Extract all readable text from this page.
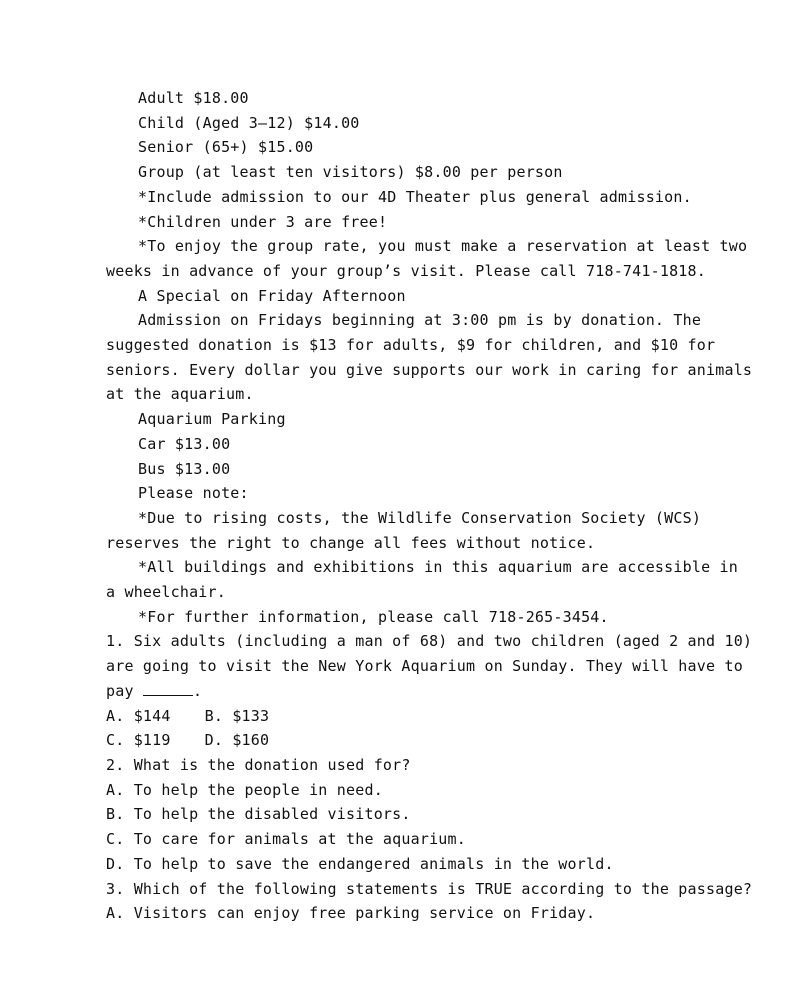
Adult $18.00
Child (Aged 3—12) $14.00
Senior (65+) $15.00
Group (at least ten visitors) $8.00 per person
*Include admission to our 4D Theater plus general admission.
*Children under 3 are free!
*To enjoy the group rate, you must make a reservation at least two
weeks in advance of your group’s visit. Please call 718-741-1818.
A Special on Friday Afternoon
Admission on Fridays beginning at 3:00 pm is by donation. The
suggested donation is $13 for adults, $9 for children, and $10 for
seniors. Every dollar you give supports our work in caring for animals
at the aquarium.
Aquarium Parking
Car $13.00
Bus $13.00
Please note:
*Due to rising costs, the Wildlife Conservation Society (WCS)
reserves the right to change all fees without notice.
*All buildings and exhibitions in this aquarium are accessible in
a wheelchair.
*For further information, please call 718-265-3454.
1. Six adults (including a man of 68) and two children (aged 2 and 10)
are going to visit the New York Aquarium on Sunday. They will have to
pay	.
A. $144 B. $133
C. $119 D. $160
2. What is the donation used for?
A. To help the people in need.
B. To help the disabled visitors.
C. To care for animals at the aquarium.
D. To help to save the endangered animals in the world.
3. Which of the following statements is TRUE according to the passage?
A. Visitors can enjoy free parking service on Friday.
